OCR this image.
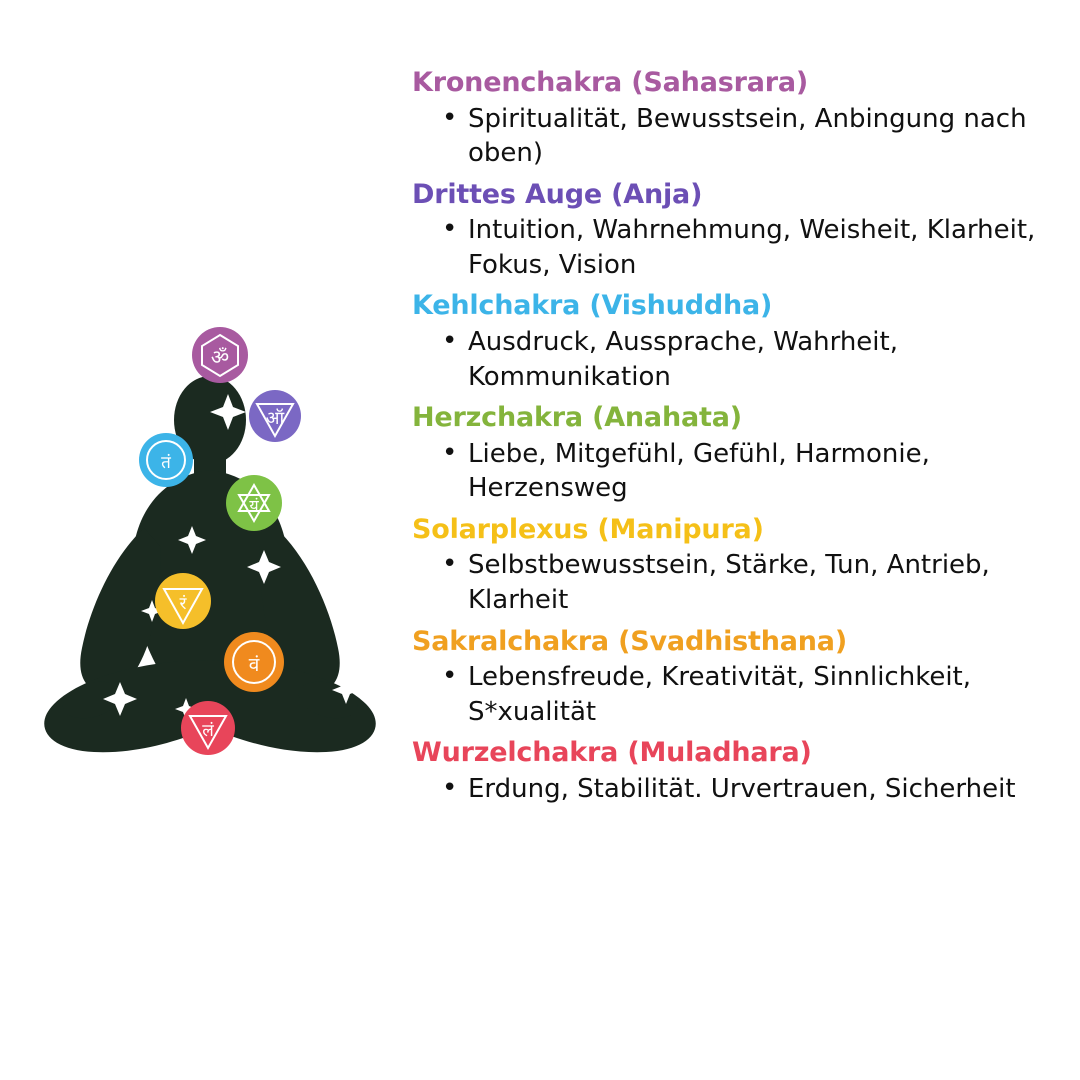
ॐ
ऑ
तं
यं
रं
वं
लं
Kronenchakra (Sahasrara)
• Spiritualität, Bewusstsein, Anbingung nach oben)
Drittes Auge (Anja)
• Intuition, Wahrnehmung, Weisheit, Klarheit, Fokus, Vision
Kehlchakra (Vishuddha)
• Ausdruck, Aussprache, Wahrheit, Kommunikation
Herzchakra (Anahata)
• Liebe, Mitgefühl, Gefühl, Harmonie, Herzensweg
Solarplexus (Manipura)
• Selbstbewusstsein, Stärke, Tun, Antrieb, Klarheit
Sakralchakra (Svadhisthana)
• Lebensfreude, Kreativität, Sinnlichkeit, S*xualität
Wurzelchakra (Muladhara)
• Erdung, Stabilität. Urvertrauen, Sicherheit
